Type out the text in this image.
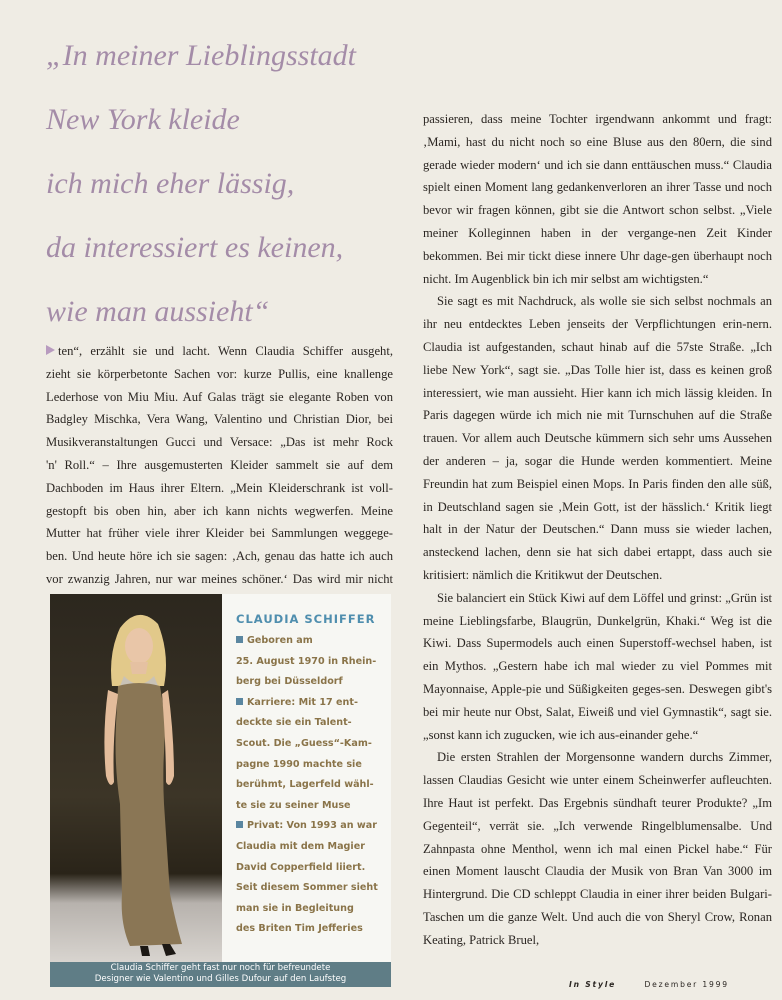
„In meiner Lieblingsstadt
New York kleide
ich mich eher lässig,
da interessiert es keinen,
wie man aussieht“

ten“, erzählt sie und lacht. Wenn Claudia Schiffer ausgeht,

zieht sie körperbetonte Sachen vor: kurze Pullis, eine knallenge

Lederhose von Miu Miu. Auf Galas trägt sie elegante Roben von

Badgley Mischka, Vera Wang, Valentino und Christian Dior, bei

Musikveranstaltungen Gucci und Versace: „Das ist mehr Rock

'n' Roll.“ – Ihre ausgemusterten Kleider sammelt sie auf dem

Dachboden im Haus ihrer Eltern. „Mein Kleiderschrank ist voll-

gestopft bis oben hin, aber ich kann nichts wegwerfen. Meine

Mutter hat früher viele ihrer Kleider bei Sammlungen weggege-

ben. Und heute höre ich sie sagen: ‚Ach, genau das hatte ich auch

vor zwanzig Jahren, nur war meines schöner.‘ Das wird mir nicht

CLAUDIA SCHIFFER
Geboren am
25. August 1970 in Rhein-
berg bei Düsseldorf
Karriere: Mit 17 ent-
deckte sie ein Talent-
Scout. Die „Guess“-Kam-
pagne 1990 machte sie
berühmt, Lagerfeld wähl-
te sie zu seiner Muse
Privat: Von 1993 an war
Claudia mit dem Magier
David Copperfield liiert.
Seit diesem Sommer sieht
man sie in Begleitung
des Briten Tim Jefferies
Claudia Schiffer geht fast nur noch für befreundete
Designer wie Valentino und Gilles Dufour auf den Laufsteg

passieren, dass meine Tochter irgendwann ankommt und fragt: ‚Mami, hast du nicht noch so eine Bluse aus den 80ern, die sind gerade wieder modern‘ und ich sie dann enttäuschen muss.“ Claudia spielt einen Moment lang gedankenverloren an ihrer Tasse und noch bevor wir fragen können, gibt sie die Antwort schon selbst. „Viele meiner Kolleginnen haben in der vergange-nen Zeit Kinder bekommen. Bei mir tickt diese innere Uhr dage-gen überhaupt noch nicht. Im Augenblick bin ich mir selbst am wichtigsten.“

Sie sagt es mit Nachdruck, als wolle sie sich selbst nochmals an ihr neu entdecktes Leben jenseits der Verpflichtungen erin-nern. Claudia ist aufgestanden, schaut hinab auf die 57ste Straße. „Ich liebe New York“, sagt sie. „Das Tolle hier ist, dass es keinen groß interessiert, wie man aussieht. Hier kann ich mich lässig kleiden. In Paris dagegen würde ich mich nie mit Turnschuhen auf die Straße trauen. Vor allem auch Deutsche kümmern sich sehr ums Aussehen der anderen – ja, sogar die Hunde werden kommentiert. Meine Freundin hat zum Beispiel einen Mops. In Paris finden den alle süß, in Deutschland sagen sie ‚Mein Gott, ist der hässlich.‘ Kritik liegt halt in der Natur der Deutschen.“ Dann muss sie wieder lachen, ansteckend lachen, denn sie hat sich dabei ertappt, dass auch sie kritisiert: nämlich die Kritikwut der Deutschen.

Sie balanciert ein Stück Kiwi auf dem Löffel und grinst: „Grün ist meine Lieblingsfarbe, Blaugrün, Dunkelgrün, Khaki.“ Weg ist die Kiwi. Dass Supermodels auch einen Superstoff-wechsel haben, ist ein Mythos. „Gestern habe ich mal wieder zu viel Pommes mit Mayonnaise, Apple-pie und Süßigkeiten geges-sen. Deswegen gibt's bei mir heute nur Obst, Salat, Eiweiß und viel Gymnastik“, sagt sie. „sonst kann ich zugucken, wie ich aus-einander gehe.“

Die ersten Strahlen der Morgensonne wandern durchs Zimmer, lassen Claudias Gesicht wie unter einem Scheinwerfer aufleuchten. Ihre Haut ist perfekt. Das Ergebnis sündhaft teurer Produkte? „Im Gegenteil“, verrät sie. „Ich verwende Ringelblumensalbe. Und Zahnpasta ohne Menthol, wenn ich mal einen Pickel habe.“ Für einen Moment lauscht Claudia der Musik von Bran Van 3000 im Hintergrund. Die CD schleppt Claudia in einer ihrer beiden Bulgari-Taschen um die ganze Welt. Und auch die von Sheryl Crow, Ronan Keating, Patrick Bruel,

In Style	Dezember 1999
